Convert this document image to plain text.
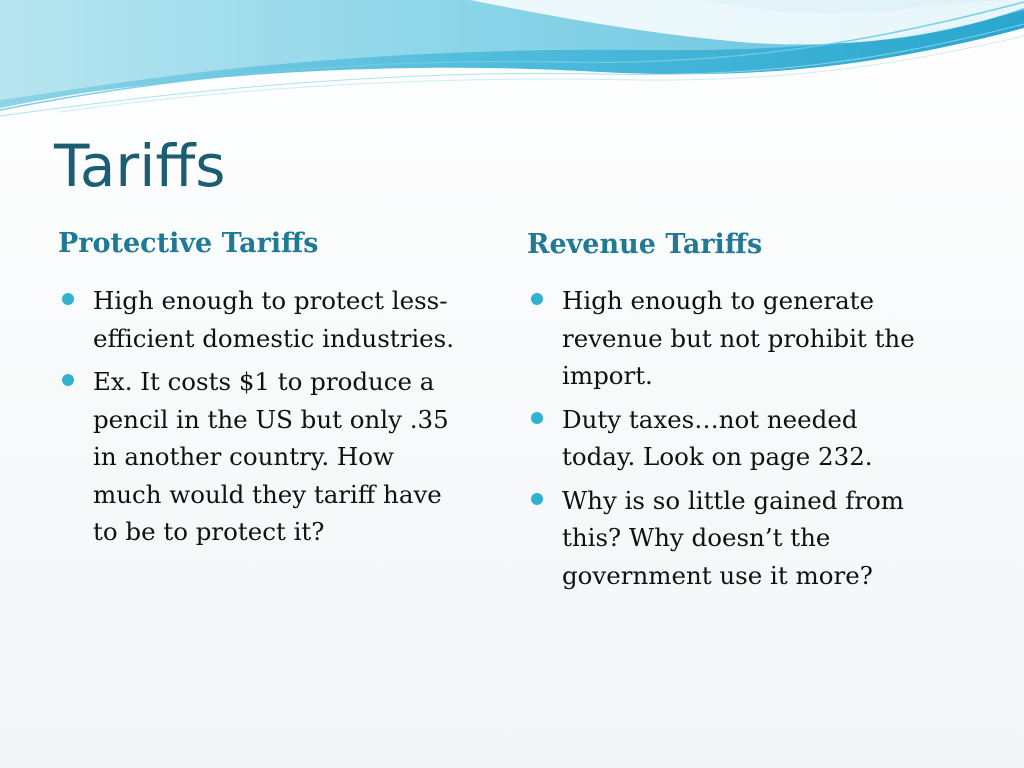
Tariffs
Protective Tariffs	Revenue Tariffs
High enough to protect less-
efficient domestic industries.
Ex. It costs $1 to produce a
pencil in the US but only .35
in another country. How
much would they tariff have
to be to protect it?
High enough to generate
revenue but not prohibit the
import.
Duty taxes…not needed
today. Look on page 232.
Why is so little gained from
this? Why doesn’t the
government use it more?
